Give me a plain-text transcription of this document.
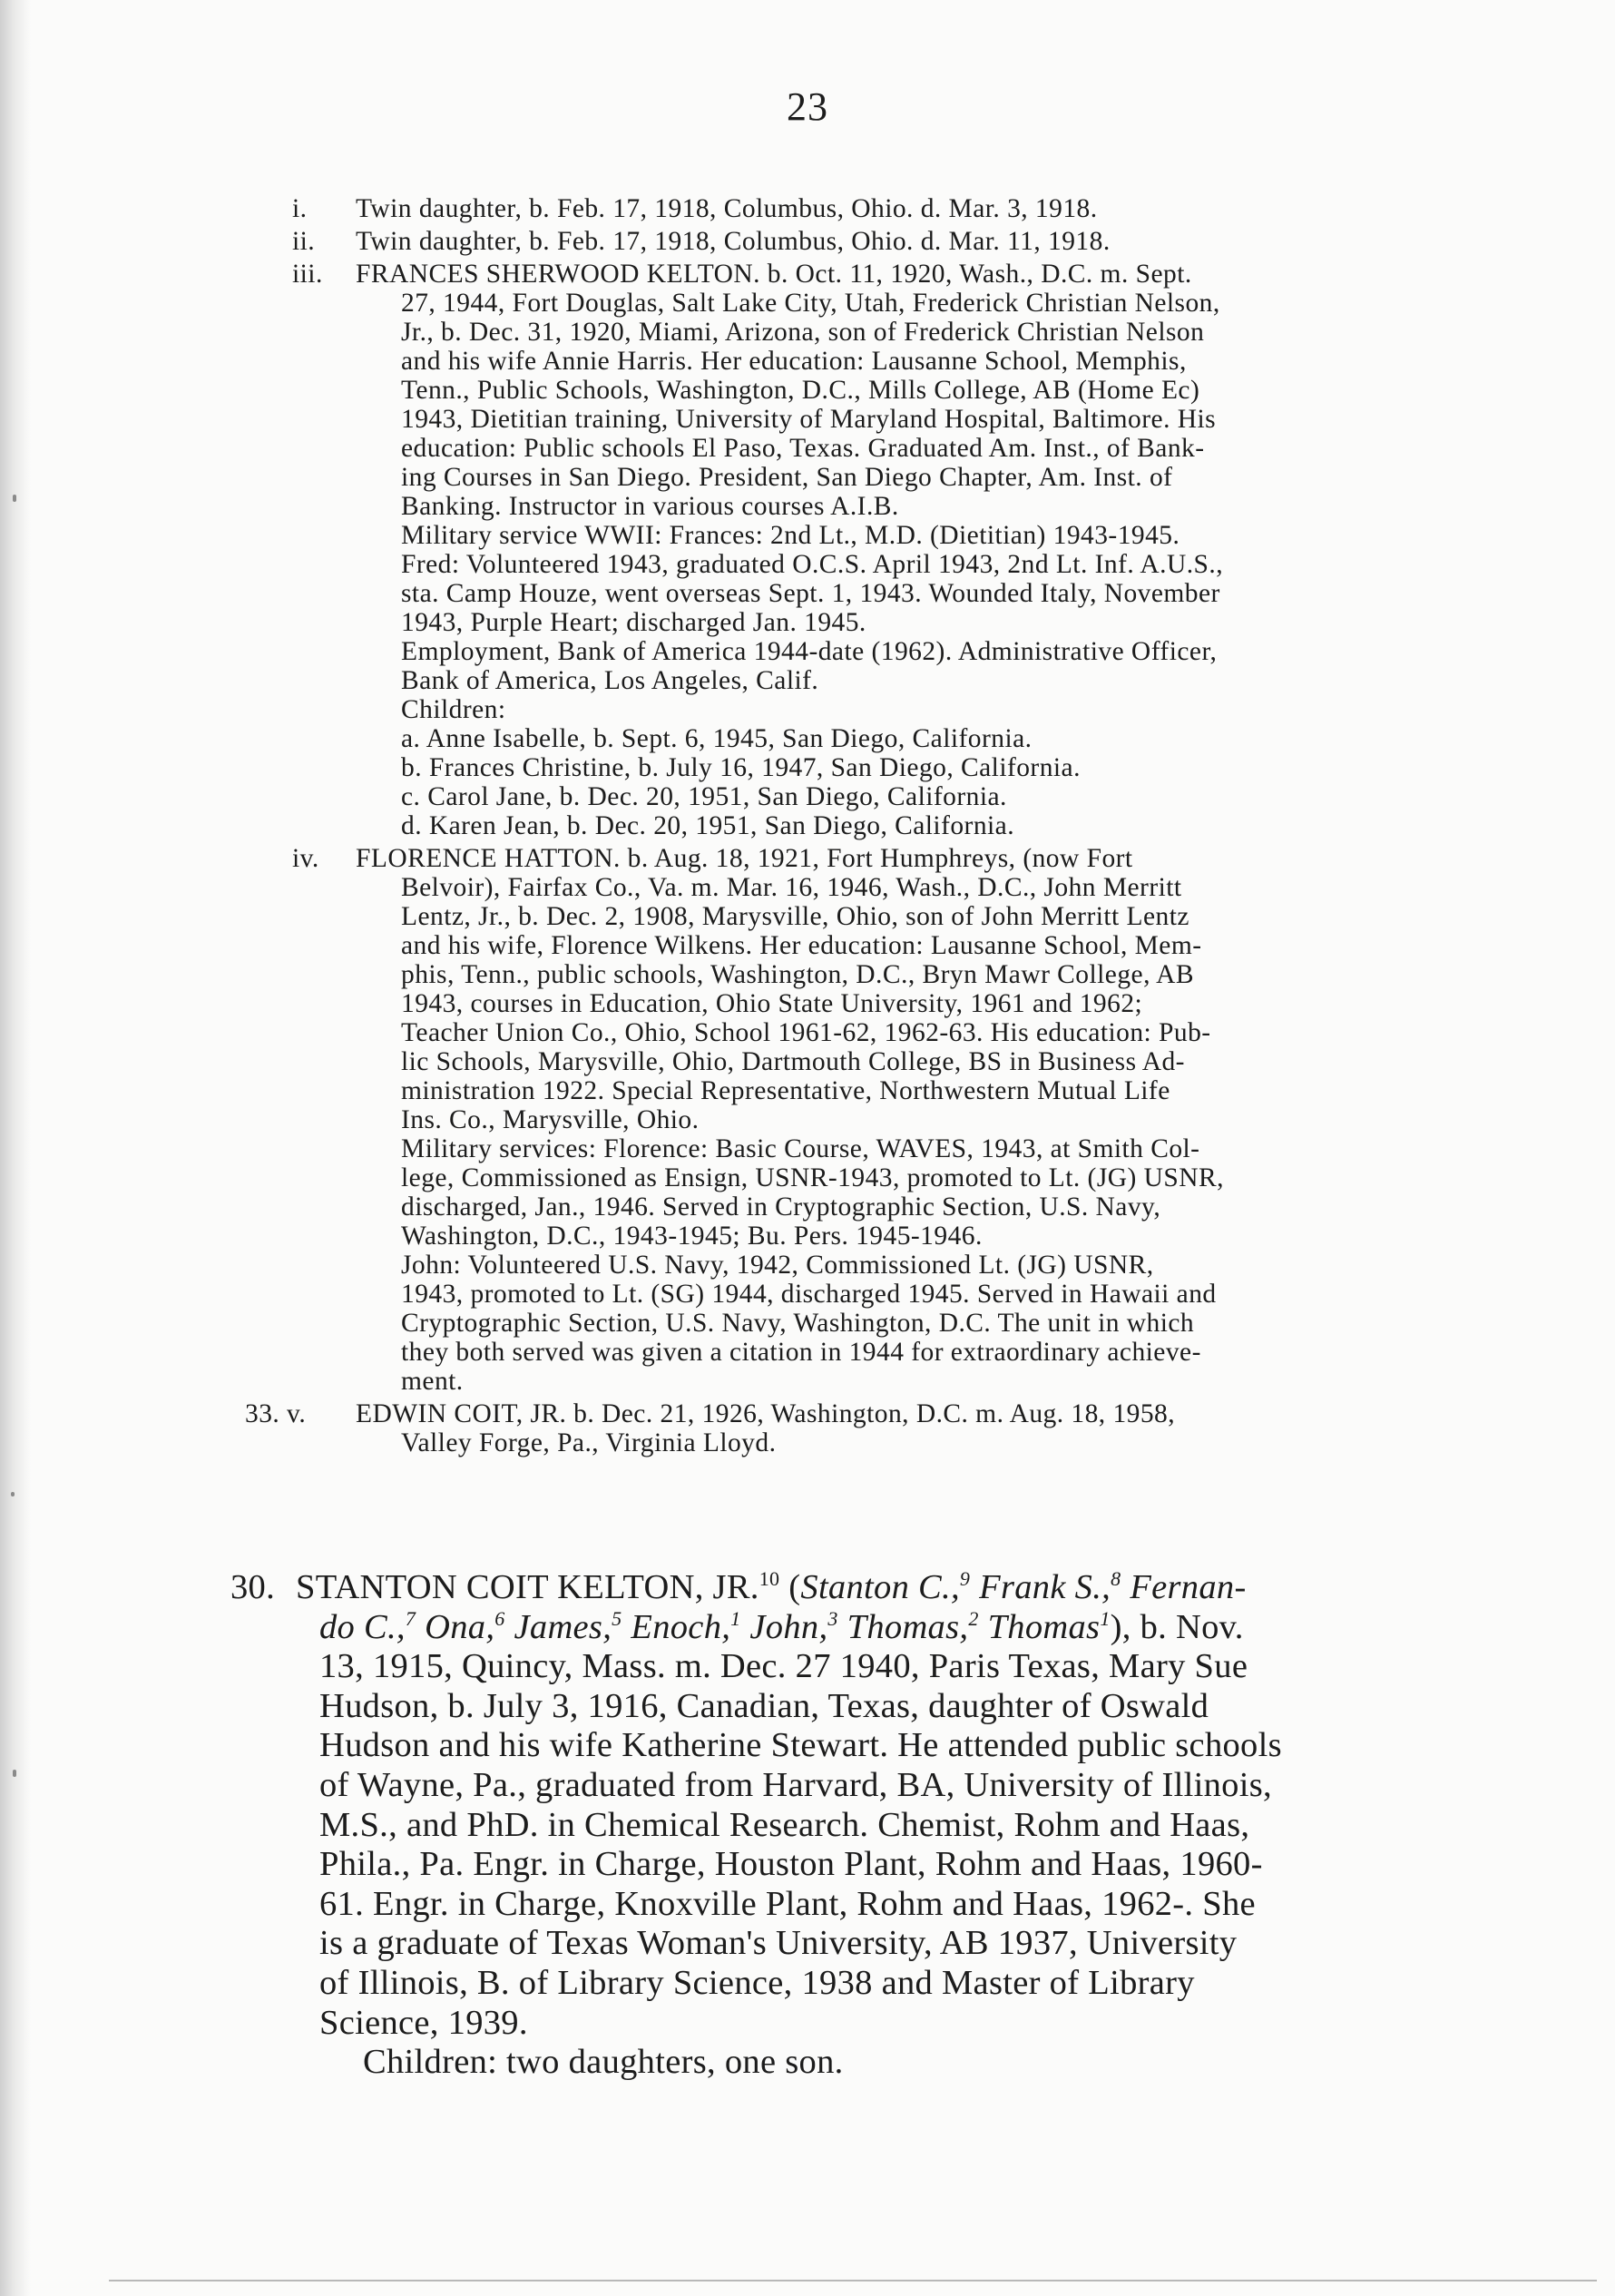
23
i. Twin daughter, b. Feb. 17, 1918, Columbus, Ohio. d. Mar. 3, 1918.
ii. Twin daughter, b. Feb. 17, 1918, Columbus, Ohio. d. Mar. 11, 1918.
iii. FRANCES SHERWOOD KELTON. b. Oct. 11, 1920, Wash., D.C. m. Sept.
27, 1944, Fort Douglas, Salt Lake City, Utah, Frederick Christian Nelson,
Jr., b. Dec. 31, 1920, Miami, Arizona, son of Frederick Christian Nelson
and his wife Annie Harris. Her education: Lausanne School, Memphis,
Tenn., Public Schools, Washington, D.C., Mills College, AB (Home Ec)
1943, Dietitian training, University of Maryland Hospital, Baltimore. His
education: Public schools El Paso, Texas. Graduated Am. Inst., of Bank-
ing Courses in San Diego. President, San Diego Chapter, Am. Inst. of
Banking. Instructor in various courses A.I.B.
Military service WWII: Frances: 2nd Lt., M.D. (Dietitian) 1943-1945.
Fred: Volunteered 1943, graduated O.C.S. April 1943, 2nd Lt. Inf. A.U.S.,
sta. Camp Houze, went overseas Sept. 1, 1943. Wounded Italy, November
1943, Purple Heart; discharged Jan. 1945.
Employment, Bank of America 1944-date (1962). Administrative Officer,
Bank of America, Los Angeles, Calif.
Children:
a. Anne Isabelle, b. Sept. 6, 1945, San Diego, California.
b. Frances Christine, b. July 16, 1947, San Diego, California.
c. Carol Jane, b. Dec. 20, 1951, San Diego, California.
d. Karen Jean, b. Dec. 20, 1951, San Diego, California.
iv. FLORENCE HATTON. b. Aug. 18, 1921, Fort Humphreys, (now Fort
Belvoir), Fairfax Co., Va. m. Mar. 16, 1946, Wash., D.C., John Merritt
Lentz, Jr., b. Dec. 2, 1908, Marysville, Ohio, son of John Merritt Lentz
and his wife, Florence Wilkens. Her education: Lausanne School, Mem-
phis, Tenn., public schools, Washington, D.C., Bryn Mawr College, AB
1943, courses in Education, Ohio State University, 1961 and 1962;
Teacher Union Co., Ohio, School 1961-62, 1962-63. His education: Pub-
lic Schools, Marysville, Ohio, Dartmouth College, BS in Business Ad-
ministration 1922. Special Representative, Northwestern Mutual Life
Ins. Co., Marysville, Ohio.
Military services: Florence: Basic Course, WAVES, 1943, at Smith Col-
lege, Commissioned as Ensign, USNR-1943, promoted to Lt. (JG) USNR,
discharged, Jan., 1946. Served in Cryptographic Section, U.S. Navy,
Washington, D.C., 1943-1945; Bu. Pers. 1945-1946.
John: Volunteered U.S. Navy, 1942, Commissioned Lt. (JG) USNR,
1943, promoted to Lt. (SG) 1944, discharged 1945. Served in Hawaii and
Cryptographic Section, U.S. Navy, Washington, D.C. The unit in which
they both served was given a citation in 1944 for extraordinary achieve-
ment.
33. v. EDWIN COIT, JR. b. Dec. 21, 1926, Washington, D.C. m. Aug. 18, 1958,
Valley Forge, Pa., Virginia Lloyd.
30. STANTON COIT KELTON, JR.$^{10}$ (Stanton C.,$^9$ Frank S.,$^8$ Fernan-
do C.,$^7$ Ona,$^6$ James,$^5$ Enoch,$^1$ John,$^3$ Thomas,$^2$ Thomas$^1$), b. Nov.
13, 1915, Quincy, Mass. m. Dec. 27 1940, Paris Texas, Mary Sue
Hudson, b. July 3, 1916, Canadian, Texas, daughter of Oswald
Hudson and his wife Katherine Stewart. He attended public schools
of Wayne, Pa., graduated from Harvard, BA, University of Illinois,
M.S., and PhD. in Chemical Research. Chemist, Rohm and Haas,
Phila., Pa. Engr. in Charge, Houston Plant, Rohm and Haas, 1960-
61. Engr. in Charge, Knoxville Plant, Rohm and Haas, 1962-. She
is a graduate of Texas Woman's University, AB 1937, University
of Illinois, B. of Library Science, 1938 and Master of Library
Science, 1939.
Children: two daughters, one son.
